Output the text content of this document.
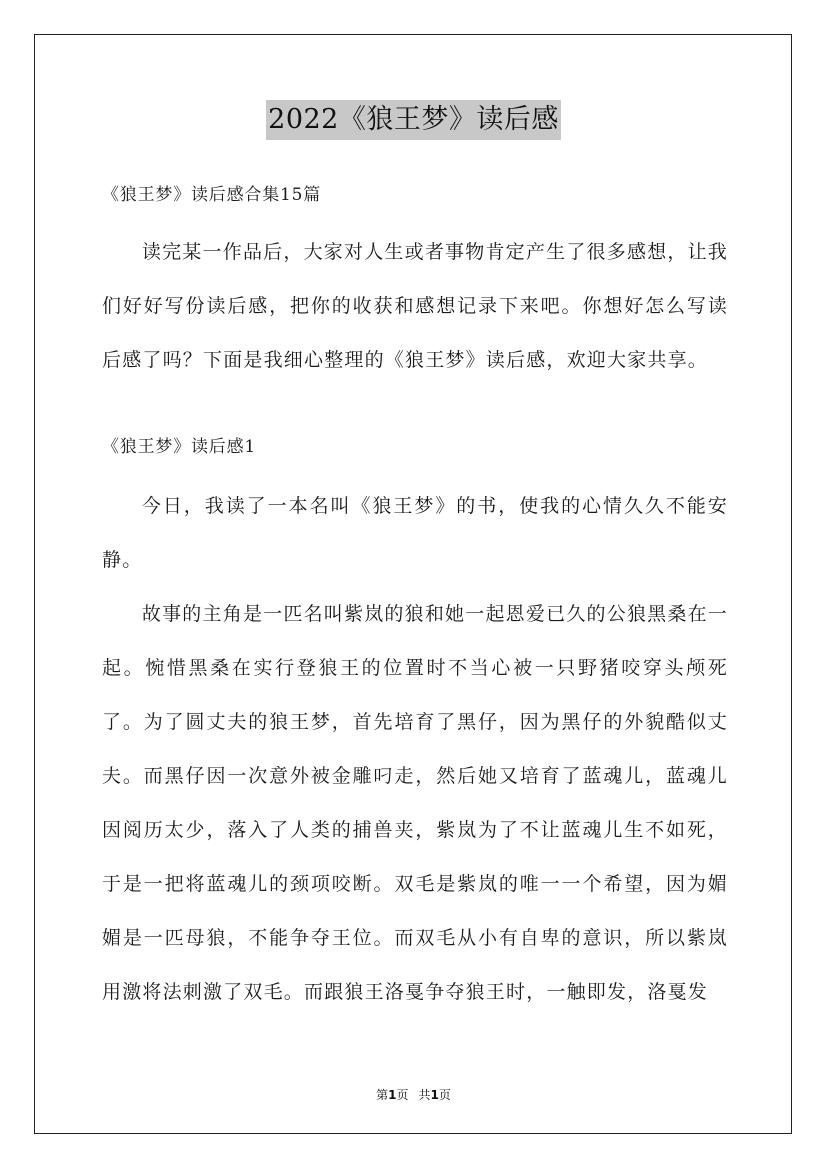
2022《狼王梦》读后感

《狼王梦》读后感合集15篇

读完某一作品后，大家对人生或者事物肯定产生了很多感想，让我们好好写份读后感，把你的收获和感想记录下来吧。你想好怎么写读后感了吗？下面是我细心整理的《狼王梦》读后感，欢迎大家共享。

《狼王梦》读后感1

今日，我读了一本名叫《狼王梦》的书，使我的心情久久不能安静。

故事的主角是一匹名叫紫岚的狼和她一起恩爱已久的公狼黑桑在一起。惋惜黑桑在实行登狼王的位置时不当心被一只野猪咬穿头颅死了。为了圆丈夫的狼王梦，首先培育了黑仔，因为黑仔的外貌酷似丈夫。而黑仔因一次意外被金雕叼走，然后她又培育了蓝魂儿，蓝魂儿因阅历太少，落入了人类的捕兽夹，紫岚为了不让蓝魂儿生不如死，于是一把将蓝魂儿的颈项咬断。双毛是紫岚的唯一一个希望，因为媚媚是一匹母狼，不能争夺王位。而双毛从小有自卑的意识，所以紫岚用激将法刺激了双毛。而跟狼王洛戛争夺狼王时，一触即发，洛戛发

第1页 共1页
